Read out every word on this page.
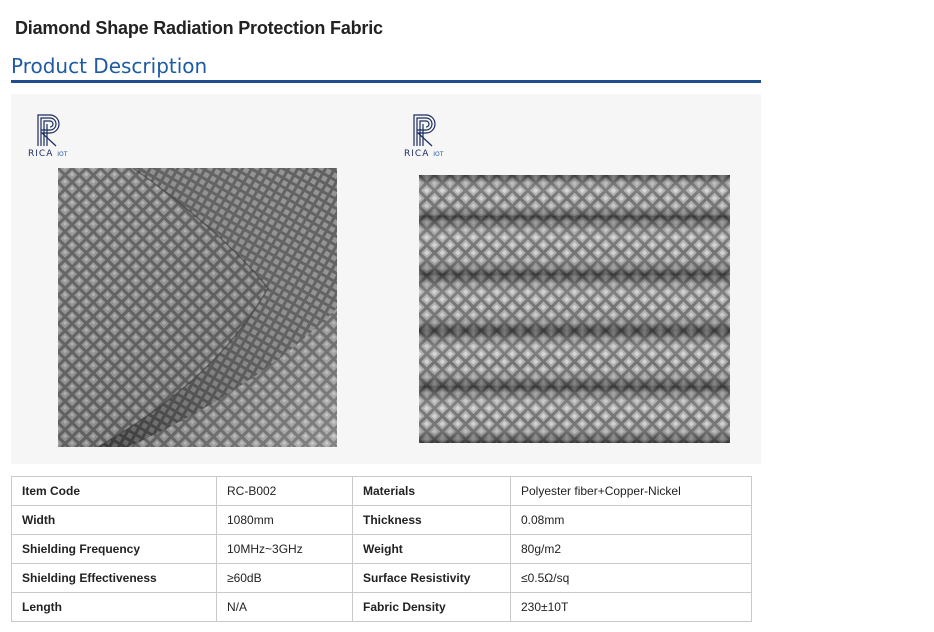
Diamond Shape Radiation Protection Fabric
Product Description
RICA IOT	RICA IOT
Item Code	RC-B002	Materials	Polyester fiber+Copper-Nickel
Width	1080mm	Thickness	0.08mm
Shielding Frequency	10MHz~3GHz	Weight	80g/m2
Shielding Effectiveness	≥60dB	Surface Resistivity	≤0.5Ω/sq
Length	N/A	Fabric Density	230±10T
